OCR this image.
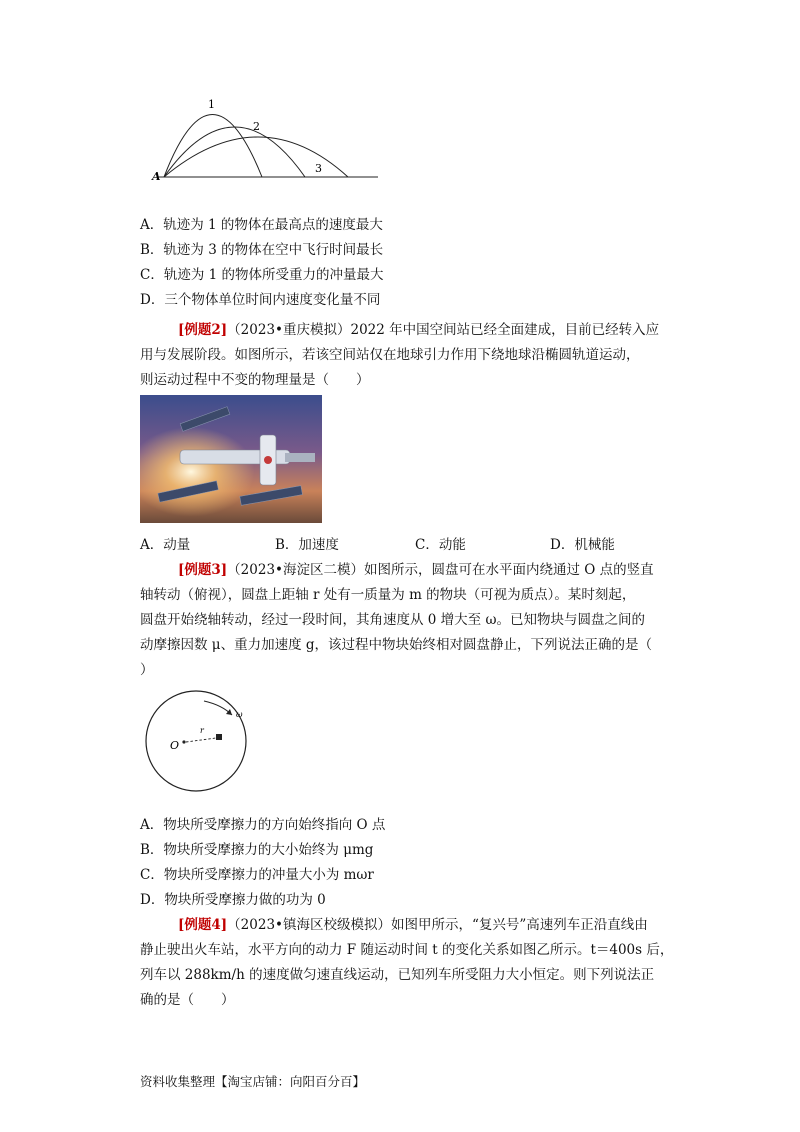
1
2
3
A
A．轨迹为 1 的物体在最高点的速度最大
B．轨迹为 3 的物体在空中飞行时间最长
C．轨迹为 1 的物体所受重力的冲量最大
D．三个物体单位时间内速度变化量不同
[例题2]（2023•重庆模拟）2022 年中国空间站已经全面建成，目前已经转入应
用与发展阶段。如图所示，若该空间站仅在地球引力作用下绕地球沿椭圆轨道运动，
则运动过程中不变的物理量是（　　）
A．动量	B．加速度	C．动能	D．机械能
[例题3]（2023•海淀区二模）如图所示，圆盘可在水平面内绕通过 O 点的竖直
轴转动（俯视），圆盘上距轴 r 处有一质量为 m 的物块（可视为质点）。某时刻起，
圆盘开始绕轴转动，经过一段时间，其角速度从 0 增大至 ω。已知物块与圆盘之间的
动摩擦因数 μ、重力加速度 g，该过程中物块始终相对圆盘静止，下列说法正确的是（
）
O
r
ω
A．物块所受摩擦力的方向始终指向 O 点
B．物块所受摩擦力的大小始终为 μmg
C．物块所受摩擦力的冲量大小为 mωr
D．物块所受摩擦力做的功为 0
[例题4]（2023•镇海区校级模拟）如图甲所示，“复兴号”高速列车正沿直线由
静止驶出火车站，水平方向的动力 F 随运动时间 t 的变化关系如图乙所示。t＝400s 后，
列车以 288km/h 的速度做匀速直线运动，已知列车所受阻力大小恒定。则下列说法正
确的是（　　）
资料收集整理【淘宝店铺：向阳百分百】
